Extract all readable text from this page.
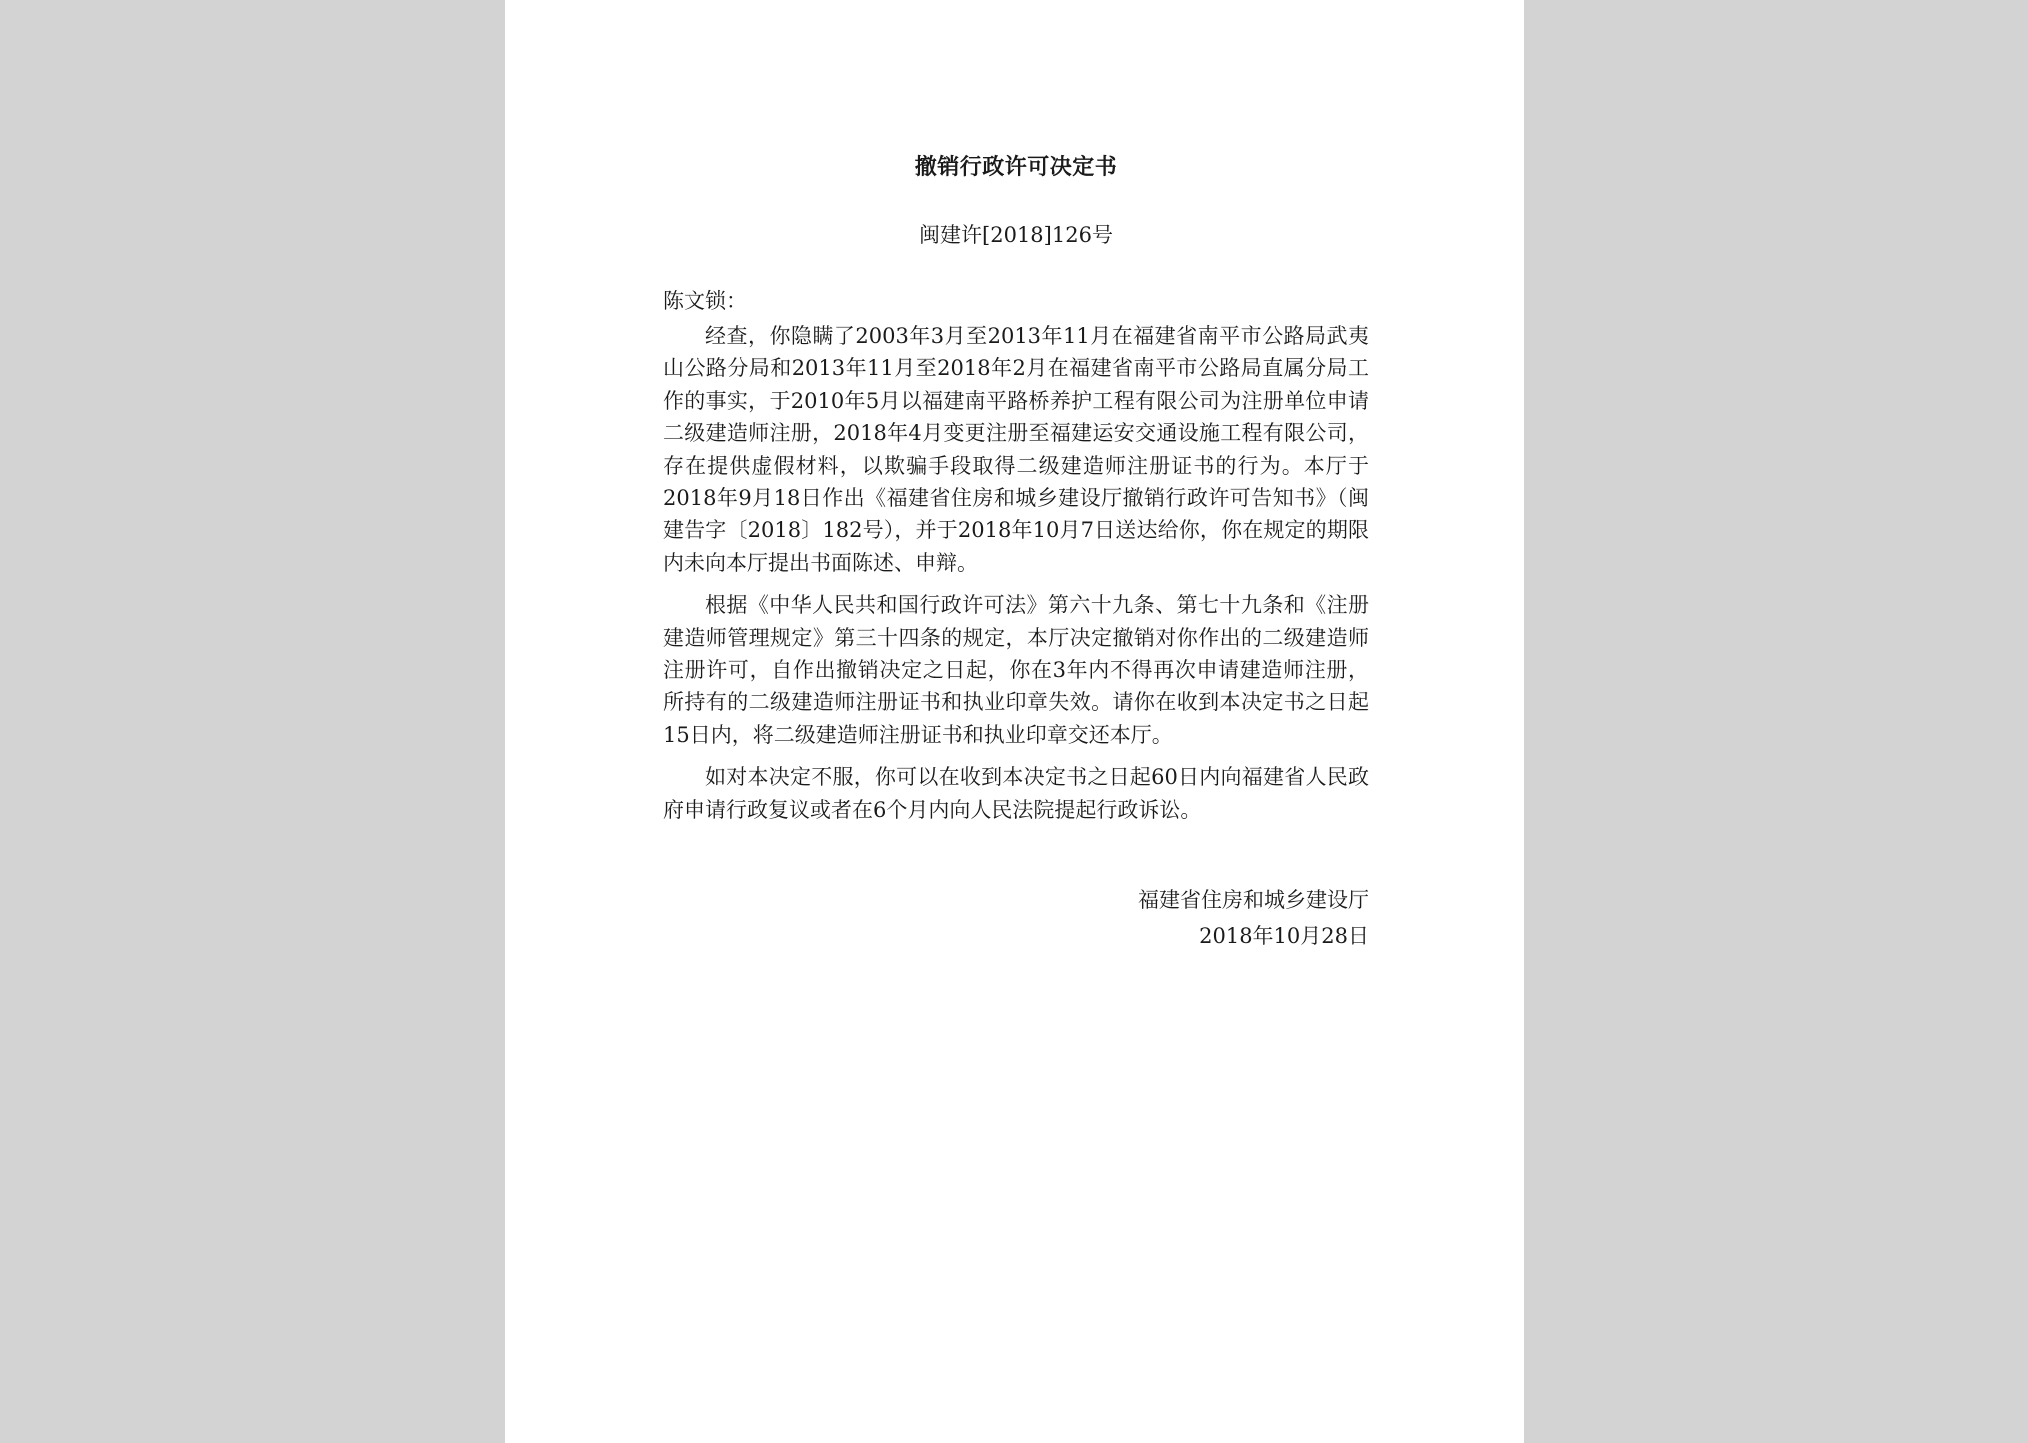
撤销行政许可决定书
闽建许[2018]126号
陈文锁：

经查，你隐瞒了2003年3月至2013年11月在福建省南平市公路局武夷山公路分局和2013年11月至2018年2月在福建省南平市公路局直属分局工作的事实，于2010年5月以福建南平路桥养护工程有限公司为注册单位申请二级建造师注册，2018年4月变更注册至福建运安交通设施工程有限公司，存在提供虚假材料，以欺骗手段取得二级建造师注册证书的行为。本厅于2018年9月18日作出《福建省住房和城乡建设厅撤销行政许可告知书》（闽建告字〔2018〕182号），并于2018年10月7日送达给你，你在规定的期限内未向本厅提出书面陈述、申辩。

根据《中华人民共和国行政许可法》第六十九条、第七十九条和《注册建造师管理规定》第三十四条的规定，本厅决定撤销对你作出的二级建造师注册许可，自作出撤销决定之日起，你在3年内不得再次申请建造师注册，所持有的二级建造师注册证书和执业印章失效。请你在收到本决定书之日起15日内，将二级建造师注册证书和执业印章交还本厅。

如对本决定不服，你可以在收到本决定书之日起60日内向福建省人民政府申请行政复议或者在6个月内向人民法院提起行政诉讼。

福建省住房和城乡建设厅
2018年10月28日
